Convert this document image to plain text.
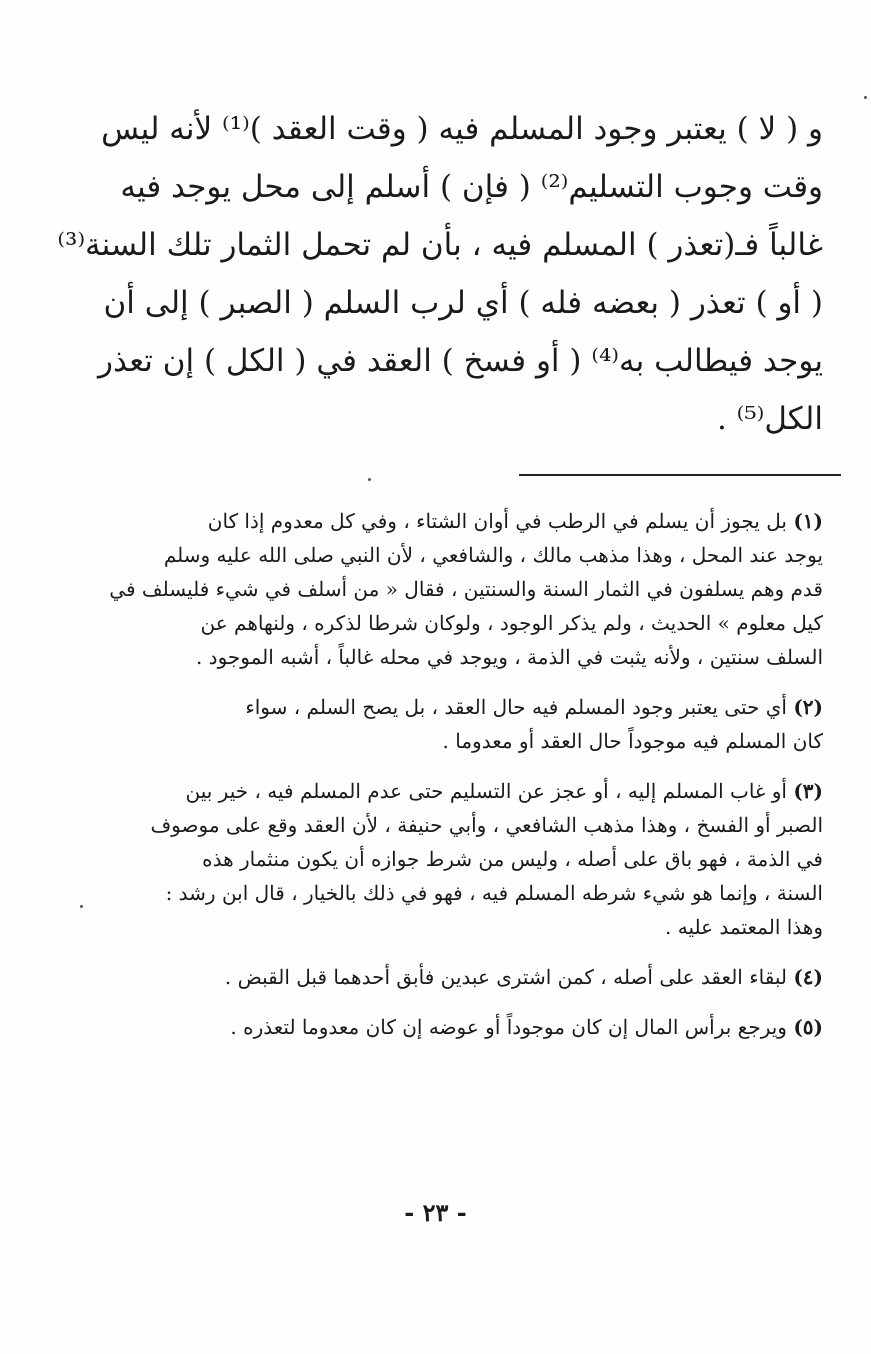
و ( لا ) يعتبر وجود المسلم فيه ( وقت العقد )⁽¹⁾ لأنه ليس
وقت وجوب التسليم⁽²⁾ ( فإن ) أسلم إلى محل يوجد فيه
غالباً فـ(تعذر ) المسلم فيه ، بأن لم تحمل الثمار تلك السنة⁽³⁾
( أو ) تعذر ( بعضه فله ) أي لرب السلم ( الصبر ) إلى أن
يوجد فيطالب به⁽⁴⁾ ( أو فسخ ) العقد في ( الكل ) إن تعذر
الكل⁽⁵⁾ .
(١) بل يجوز أن يسلم في الرطب في أوان الشتاء ، وفي كل معدوم إذا كان
يوجد عند المحل ، وهذا مذهب مالك ، والشافعي ، لأن النبي صلى الله عليه وسلم
قدم وهم يسلفون في الثمار السنة والسنتين ، فقال « من أسلف في شيء فليسلف في
كيل معلوم » الحديث ، ولم يذكر الوجود ، ولوكان شرطا لذكره ، ولنهاهم عن
السلف سنتين ، ولأنه يثبت في الذمة ، ويوجد في محله غالباً ، أشبه الموجود .
(٢) أي حتى يعتبر وجود المسلم فيه حال العقد ، بل يصح السلم ، سواء
كان المسلم فيه موجوداً حال العقد أو معدوما .
(٣) أو غاب المسلم إليه ، أو عجز عن التسليم حتى عدم المسلم فيه ، خير بين
الصبر أو الفسخ ، وهذا مذهب الشافعي ، وأبي حنيفة ، لأن العقد وقع على موصوف
في الذمة ، فهو باق على أصله ، وليس من شرط جوازه أن يكون منثمار هذه
السنة ، وإنما هو شيء شرطه المسلم فيه ، فهو في ذلك بالخيار ، قال ابن رشد :
وهذا المعتمد عليه .
(٤) لبقاء العقد على أصله ، كمن اشترى عبدين فأبق أحدهما قبل القبض .
(٥) ويرجع برأس المال إن كان موجوداً أو عوضه إن كان معدوما لتعذره .
- ٢٣ -
